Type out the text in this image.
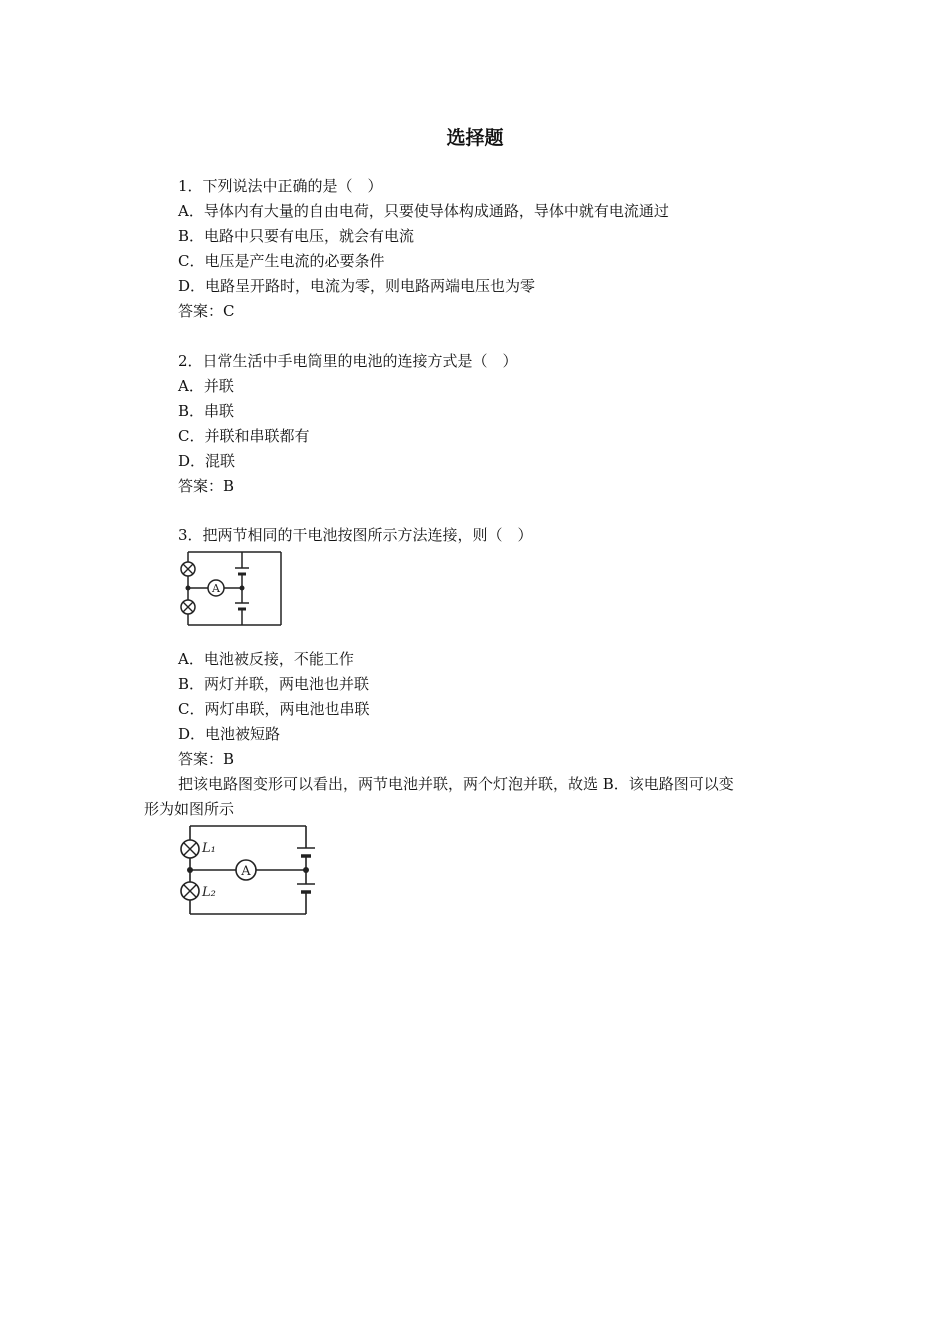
选择题
1．下列说法中正确的是（　）
A．导体内有大量的自由电荷，只要使导体构成通路，导体中就有电流通过
B．电路中只要有电压，就会有电流
C．电压是产生电流的必要条件
D．电路呈开路时，电流为零，则电路两端电压也为零
答案：C
2．日常生活中手电筒里的电池的连接方式是（　）
A．并联
B．串联
C．并联和串联都有
D．混联
答案：B
3．把两节相同的干电池按图所示方法连接，则（　）
A
A．电池被反接，不能工作
B．两灯并联，两电池也并联
C．两灯串联，两电池也串联
D．电池被短路
答案：B
把该电路图变形可以看出，两节电池并联，两个灯泡并联，故选 B．该电路图可以变
形为如图所示
L₁
L₂
A
